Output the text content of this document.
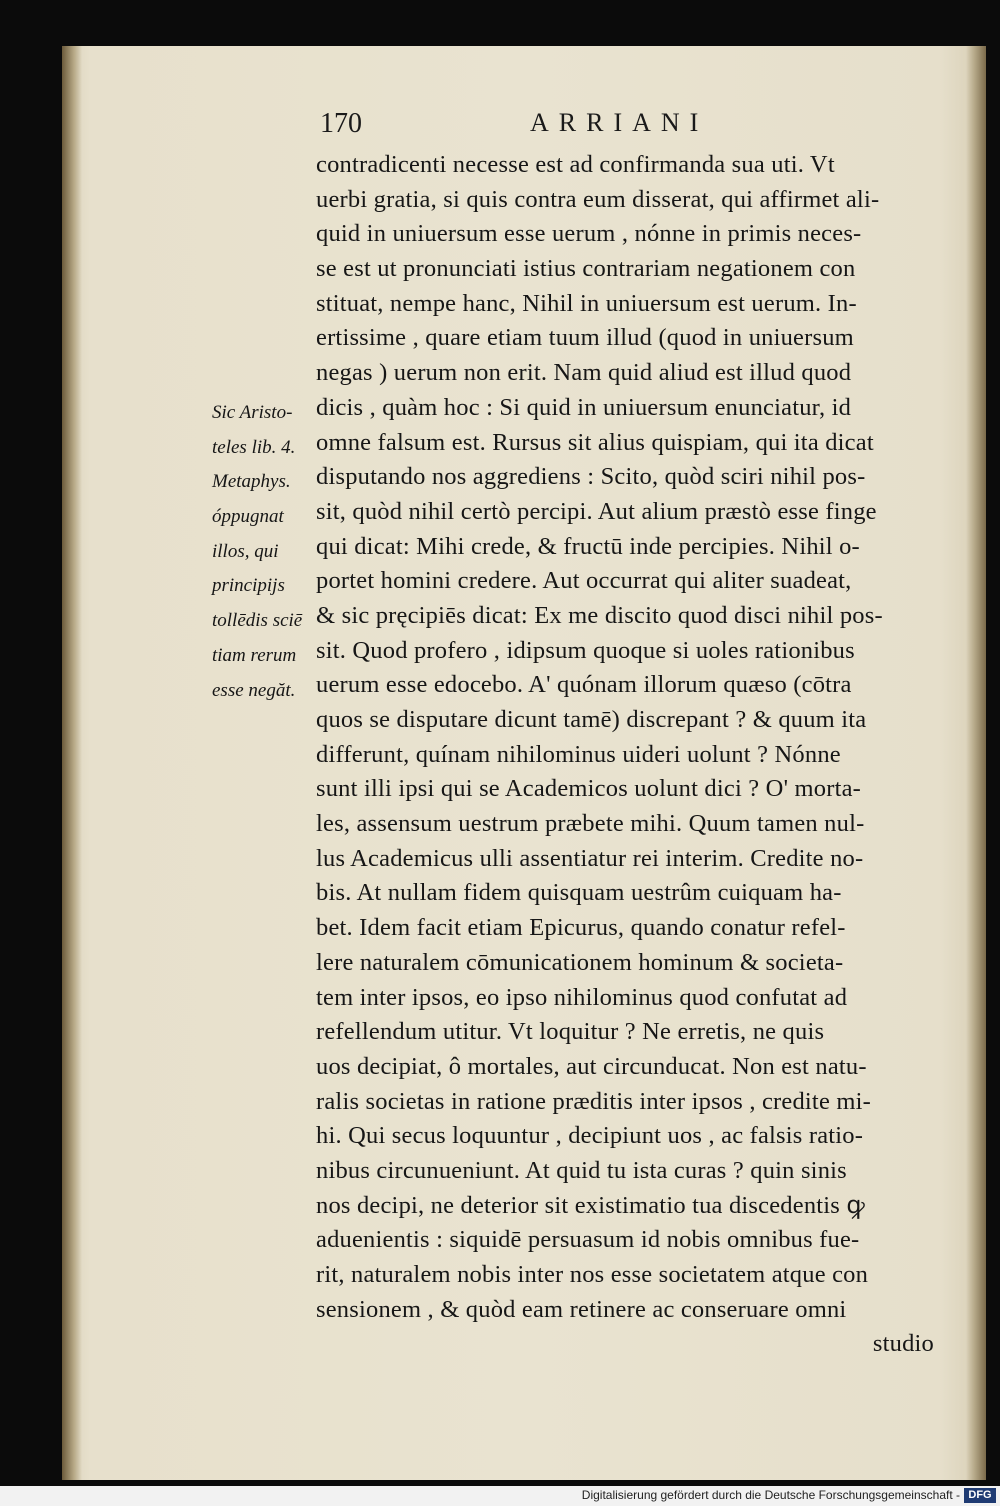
170	ARRIANI
Sic Aristo-
teles lib. 4.
Metaphys.
óppugnat
illos, qui
principijs
tollēdis sciē
tiam rerum
esse negăt.
contradicenti necesse est ad confirmanda sua uti. Vt
uerbi gratia, si quis contra eum disserat, qui affirmet ali-
quid in uniuersum esse uerum , nónne in primis neces-
se est ut pronunciati istius contrariam negationem con
stituat, nempe hanc, Nihil in uniuersum est uerum. In-
ertissime , quare etiam tuum illud (quod in uniuersum
negas ) uerum non erit. Nam quid aliud est illud quod
dicis , quàm hoc : Si quid in uniuersum enunciatur, id
omne falsum est. Rursus sit alius quispiam, qui ita dicat
disputando nos aggrediens : Scito, quòd sciri nihil pos-
sit, quòd nihil certò percipi. Aut alium præstò esse finge
qui dicat: Mihi crede, & fructū inde percipies. Nihil o-
portet homini credere. Aut occurrat qui aliter suadeat,
& sic pręcipiēs dicat: Ex me discito quod disci nihil pos-
sit. Quod profero , idipsum quoque si uoles rationibus
uerum esse edocebo. A' quónam illorum quæso (cōtra
quos se disputare dicunt tamē) discrepant ? & quum ita
differunt, quínam nihilominus uideri uolunt ? Nónne
sunt illi ipsi qui se Academicos uolunt dici ? O' morta-
les, assensum uestrum præbete mihi. Quum tamen nul-
lus Academicus ulli assentiatur rei interim. Credite no-
bis. At nullam fidem quisquam uestrûm cuiquam ha-
bet. Idem facit etiam Epicurus, quando conatur refel-
lere naturalem cōmunicationem hominum & societa-
tem inter ipsos, eo ipso nihilominus quod confutat ad
refellendum utitur. Vt loquitur ? Ne erretis, ne quis
uos decipiat, ô mortales, aut circunducat. Non est natu-
ralis societas in ratione præditis inter ipsos , credite mi-
hi. Qui secus loquuntur , decipiunt uos , ac falsis ratio-
nibus circunueniunt. At quid tu ista curas ? quin sinis
nos decipi, ne deterior sit existimatio tua discedentis ꝙ
aduenientis : siquidē persuasum id nobis omnibus fue-
rit, naturalem nobis inter nos esse societatem atque con
sensionem , & quòd eam retinere ac conseruare omni
studio
Digitalisierung gefördert durch die Deutsche Forschungsgemeinschaft - DFG
